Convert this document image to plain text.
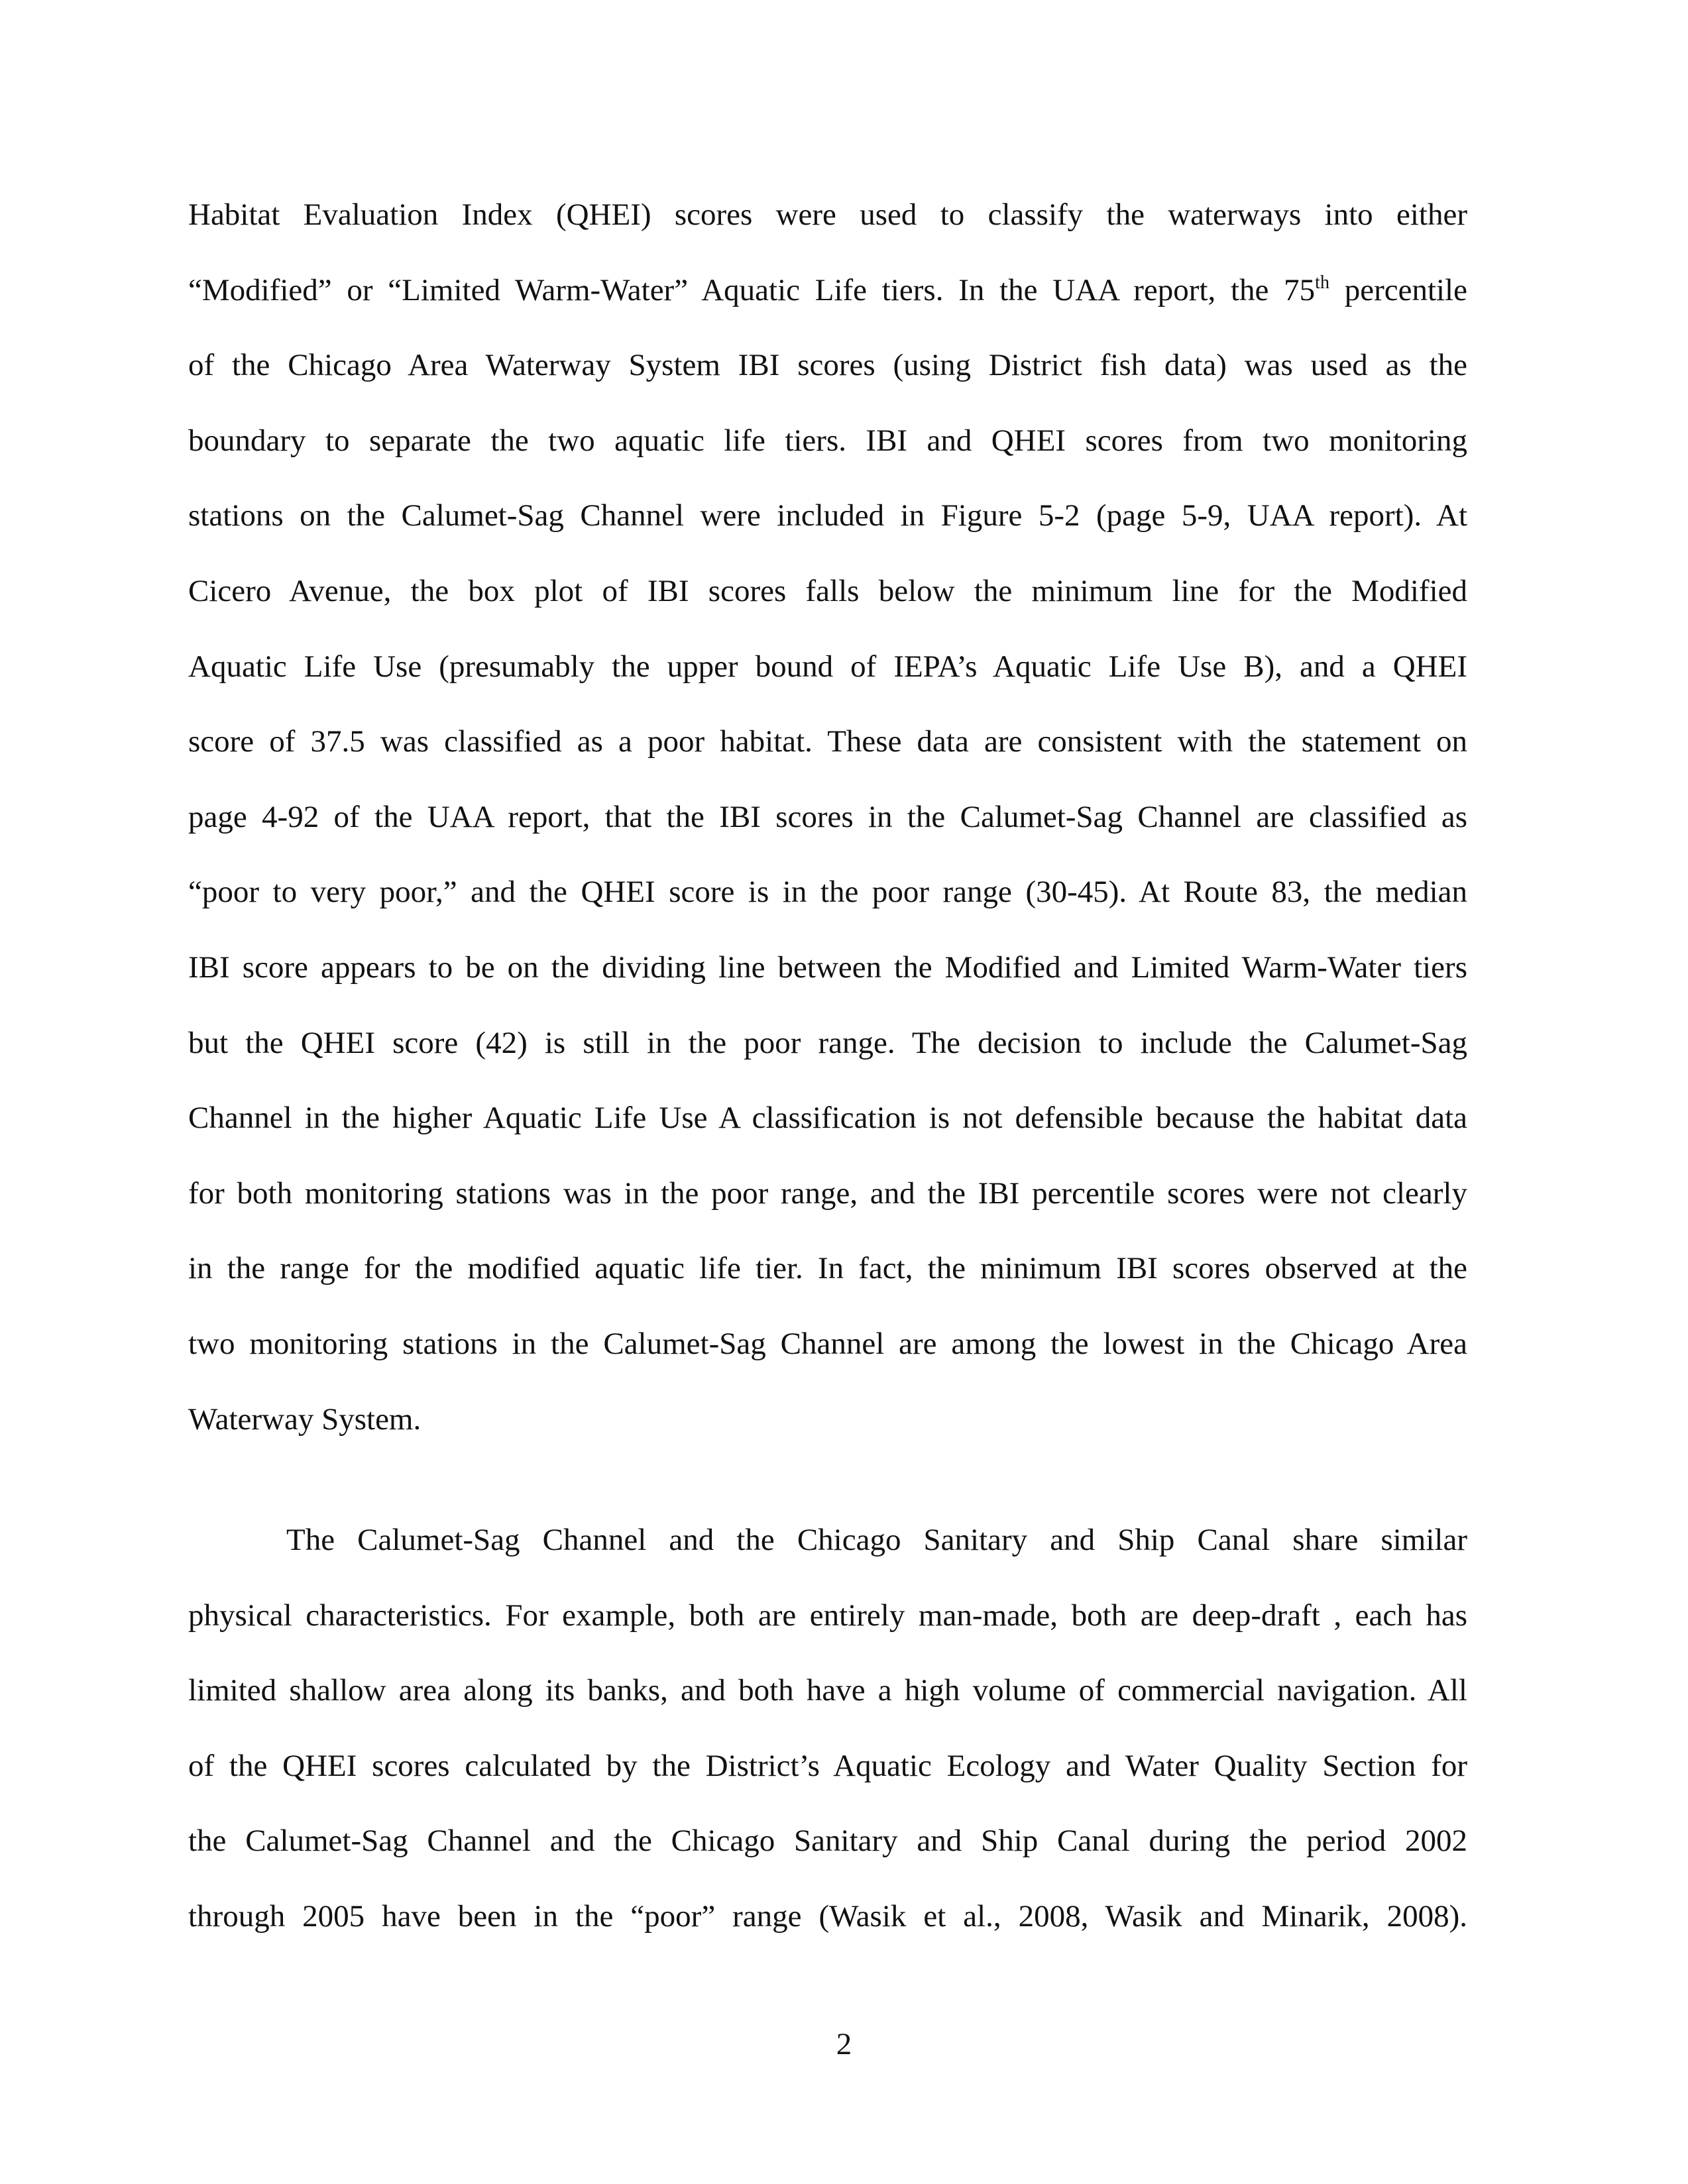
Habitat Evaluation Index (QHEI) scores were used to classify the waterways into either
“Modified” or “Limited Warm-Water” Aquatic Life tiers. In the UAA report, the 75th percentile
of the Chicago Area Waterway System IBI scores (using District fish data) was used as the
boundary to separate the two aquatic life tiers. IBI and QHEI scores from two monitoring
stations on the Calumet-Sag Channel were included in Figure 5-2 (page 5-9, UAA report). At
Cicero Avenue, the box plot of IBI scores falls below the minimum line for the Modified
Aquatic Life Use (presumably the upper bound of IEPA’s Aquatic Life Use B), and a QHEI
score of 37.5 was classified as a poor habitat. These data are consistent with the statement on
page 4-92 of the UAA report, that the IBI scores in the Calumet-Sag Channel are classified as
“poor to very poor,” and the QHEI score is in the poor range (30-45). At Route 83, the median
IBI score appears to be on the dividing line between the Modified and Limited Warm-Water tiers
but the QHEI score (42) is still in the poor range. The decision to include the Calumet-Sag
Channel in the higher Aquatic Life Use A classification is not defensible because the habitat data
for both monitoring stations was in the poor range, and the IBI percentile scores were not clearly
in the range for the modified aquatic life tier. In fact, the minimum IBI scores observed at the
two monitoring stations in the Calumet-Sag Channel are among the lowest in the Chicago Area
Waterway System.
The Calumet-Sag Channel and the Chicago Sanitary and Ship Canal share similar
physical characteristics. For example, both are entirely man-made, both are deep-draft , each has
limited shallow area along its banks, and both have a high volume of commercial navigation. All
of the QHEI scores calculated by the District’s Aquatic Ecology and Water Quality Section for
the Calumet-Sag Channel and the Chicago Sanitary and Ship Canal during the period 2002
through 2005 have been in the “poor” range (Wasik et al., 2008, Wasik and Minarik, 2008).
2
